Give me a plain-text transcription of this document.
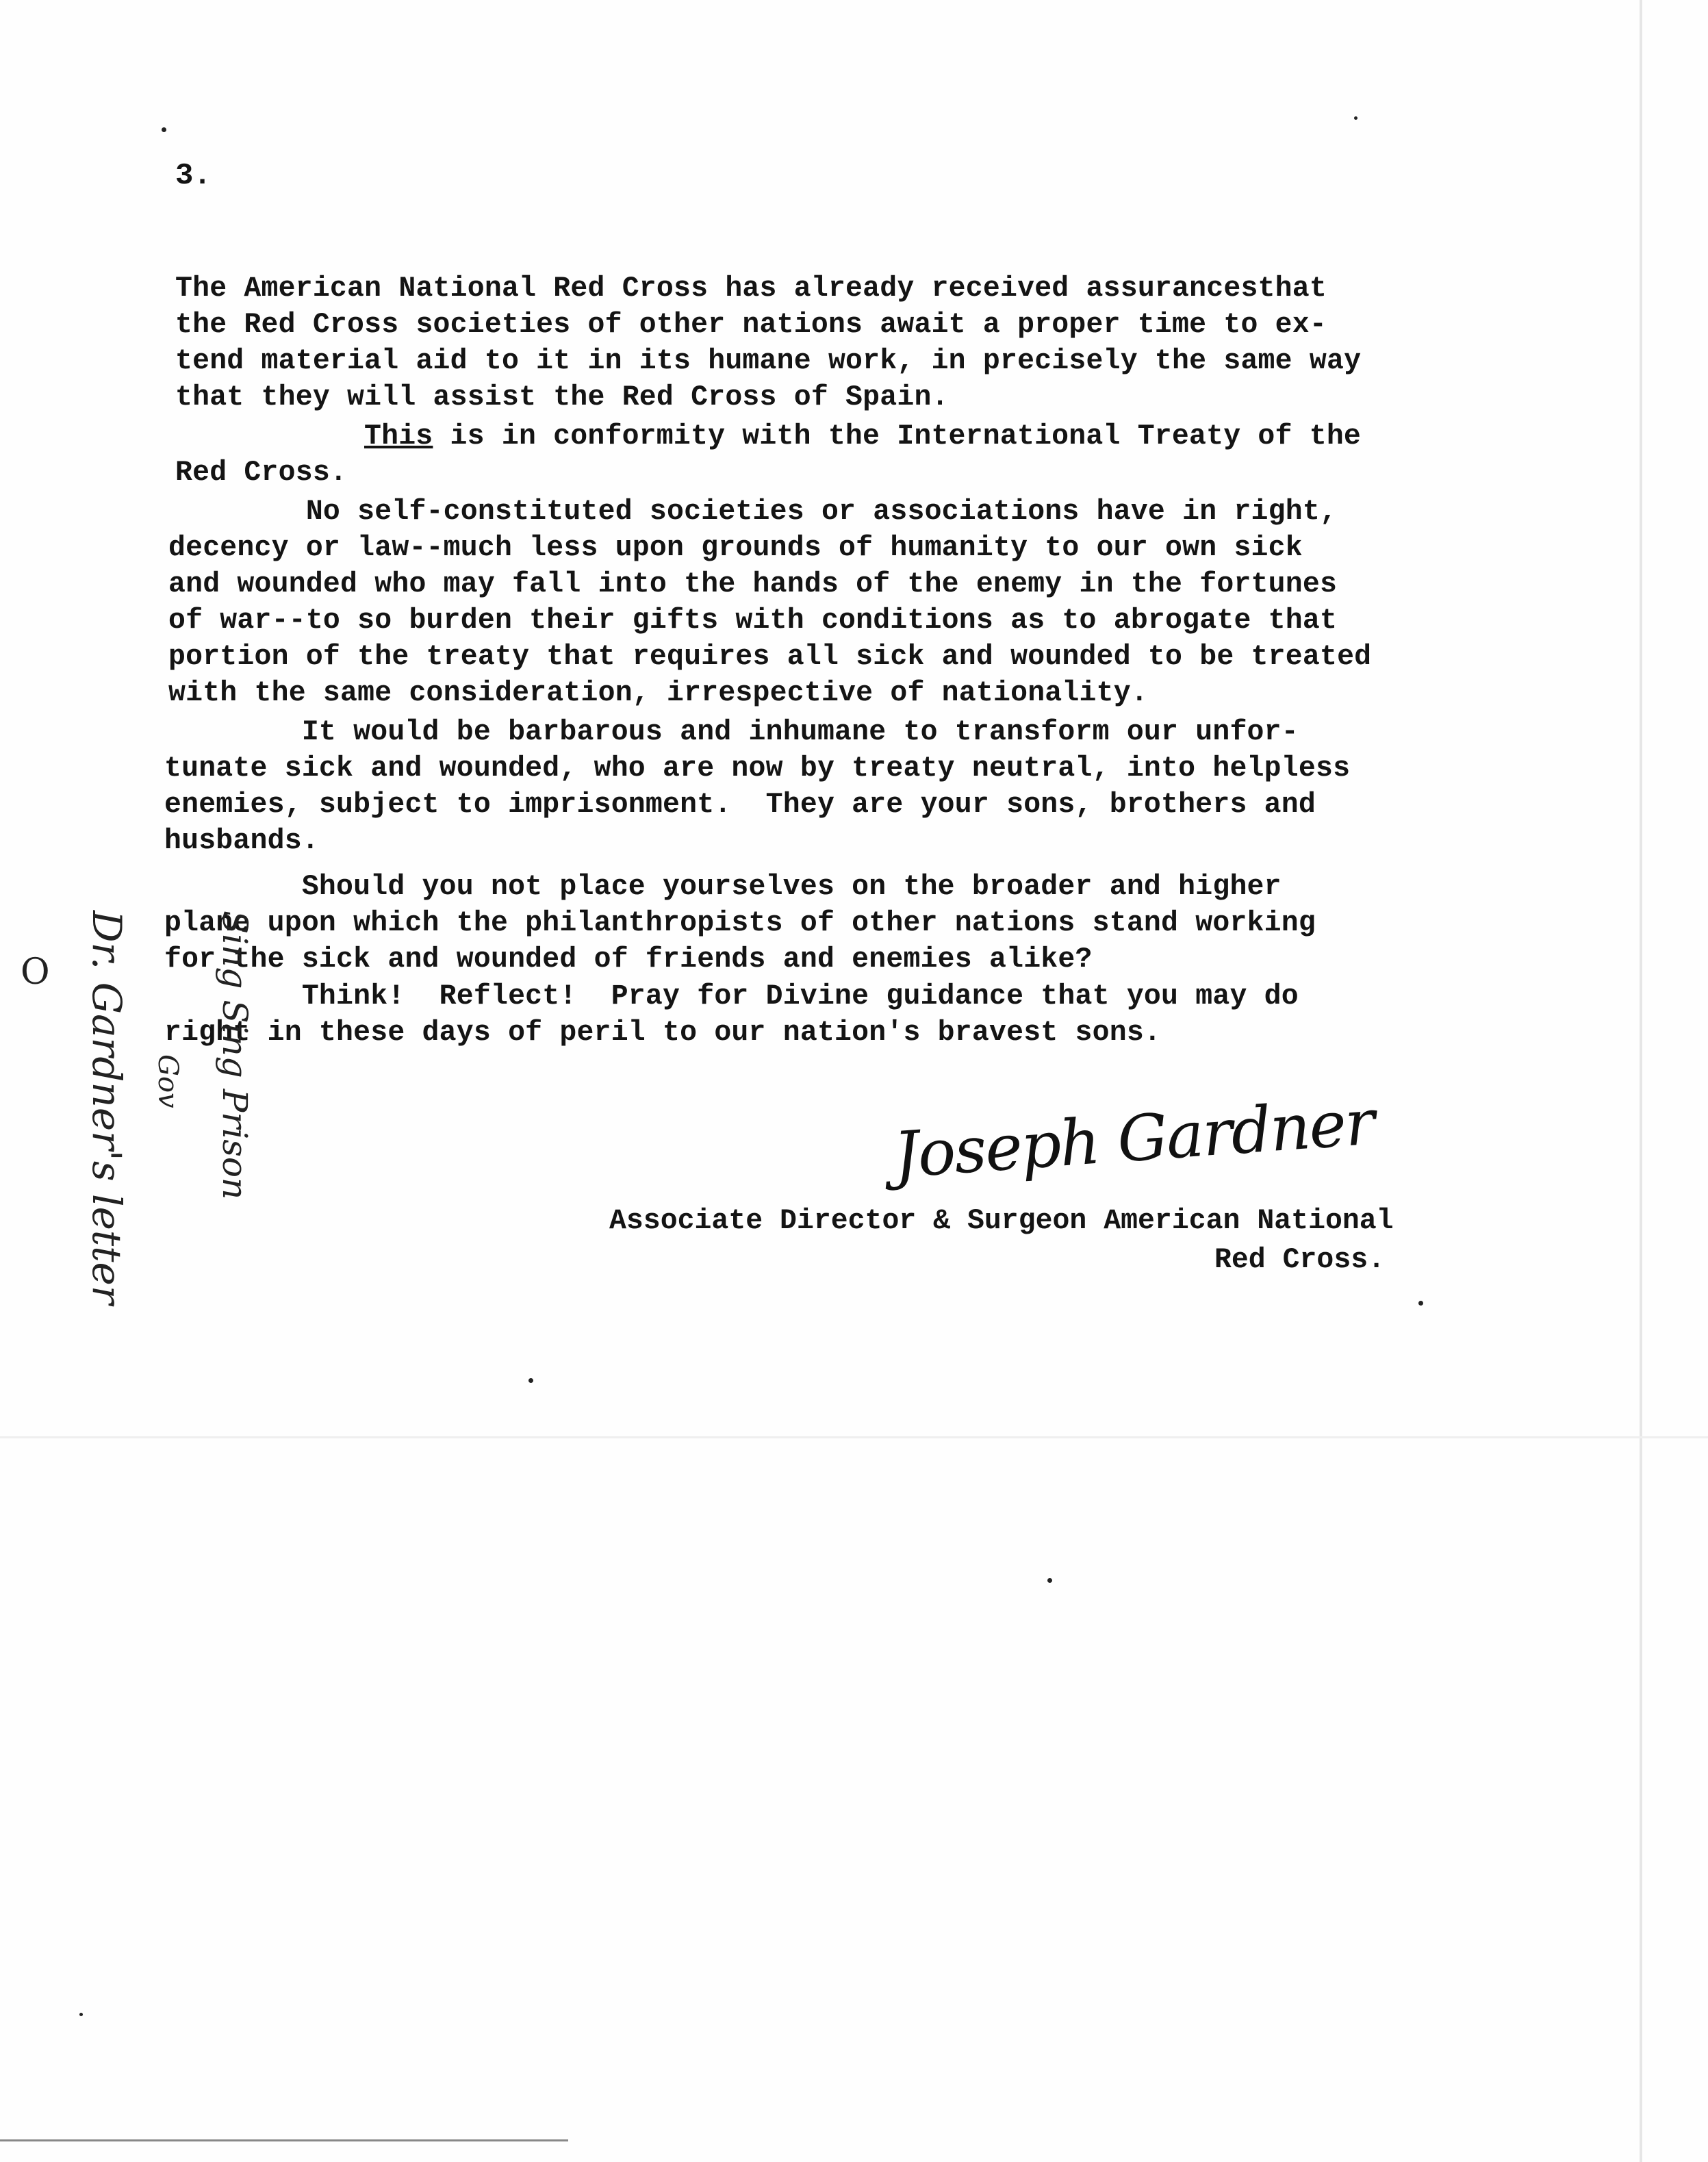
3.
The American National Red Cross has already received assurancesthat
the Red Cross societies of other nations await a proper time to ex-
tend material aid to it in its humane work, in precisely the same way
that they will assist the Red Cross of Spain.
This is in conformity with the International Treaty of the
Red Cross.
No self-constituted societies or associations have in right,
decency or law--much less upon grounds of humanity to our own sick
and wounded who may fall into the hands of the enemy in the fortunes
of war--to so burden their gifts with conditions as to abrogate that
portion of the treaty that requires all sick and wounded to be treated
with the same consideration, irrespective of nationality.
It would be barbarous and inhumane to transform our unfor-
tunate sick and wounded, who are now by treaty neutral, into helpless
enemies, subject to imprisonment.  They are your sons, brothers and
husbands.
Should you not place yourselves on the broader and higher
plane upon which the philanthropists of other nations stand working
for the sick and wounded of friends and enemies alike?
Think!  Reflect!  Pray for Divine guidance that you may do
right in these days of peril to our nation's bravest sons.
Joseph Gardner
Associate Director & Surgeon American National
Red Cross.
O Dr. Gardner's letter Gov Sing Sing Prison
